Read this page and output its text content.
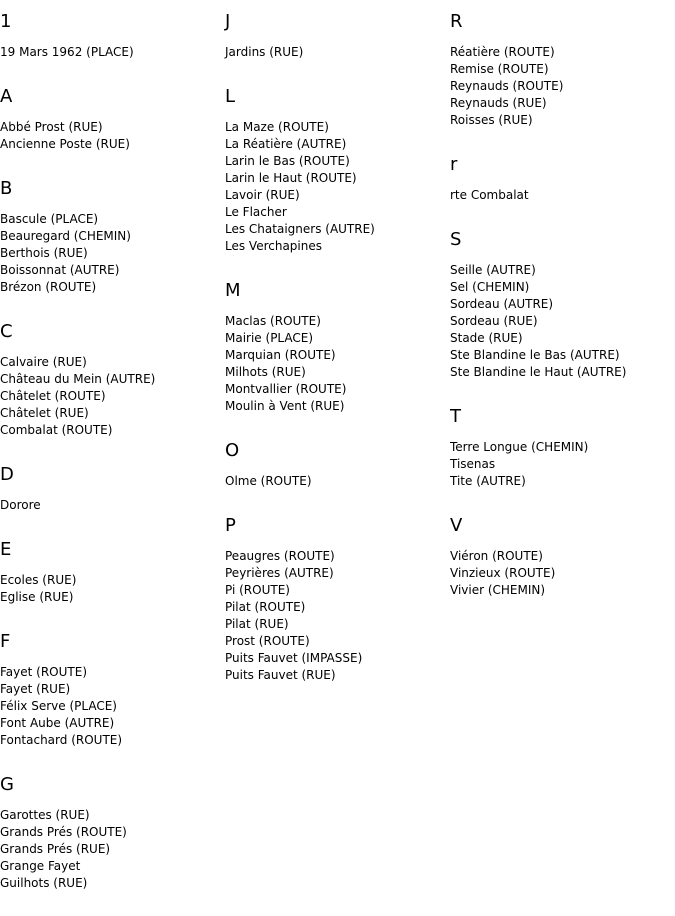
1
19 Mars 1962 (PLACE)
A
Abbé Prost (RUE)
Ancienne Poste (RUE)
B
Bascule (PLACE)
Beauregard (CHEMIN)
Berthois (RUE)
Boissonnat (AUTRE)
Brézon (ROUTE)
C
Calvaire (RUE)
Château du Mein (AUTRE)
Châtelet (ROUTE)
Châtelet (RUE)
Combalat (ROUTE)
D
Dorore
E
Ecoles (RUE)
Eglise (RUE)
F
Fayet (ROUTE)
Fayet (RUE)
Félix Serve (PLACE)
Font Aube (AUTRE)
Fontachard (ROUTE)
G
Garottes (RUE)
Grands Prés (ROUTE)
Grands Prés (RUE)
Grange Fayet
Guilhots (RUE)
J
Jardins (RUE)
L
La Maze (ROUTE)
La Réatière (AUTRE)
Larin le Bas (ROUTE)
Larin le Haut (ROUTE)
Lavoir (RUE)
Le Flacher
Les Chataigners (AUTRE)
Les Verchapines
M
Maclas (ROUTE)
Mairie (PLACE)
Marquian (ROUTE)
Milhots (RUE)
Montvallier (ROUTE)
Moulin à Vent (RUE)
O
Olme (ROUTE)
P
Peaugres (ROUTE)
Peyrières (AUTRE)
Pi (ROUTE)
Pilat (ROUTE)
Pilat (RUE)
Prost (ROUTE)
Puits Fauvet (IMPASSE)
Puits Fauvet (RUE)
R
Réatière (ROUTE)
Remise (ROUTE)
Reynauds (ROUTE)
Reynauds (RUE)
Roisses (RUE)
r
rte Combalat
S
Seille (AUTRE)
Sel (CHEMIN)
Sordeau (AUTRE)
Sordeau (RUE)
Stade (RUE)
Ste Blandine le Bas (AUTRE)
Ste Blandine le Haut (AUTRE)
T
Terre Longue (CHEMIN)
Tisenas
Tite (AUTRE)
V
Viéron (ROUTE)
Vinzieux (ROUTE)
Vivier (CHEMIN)
